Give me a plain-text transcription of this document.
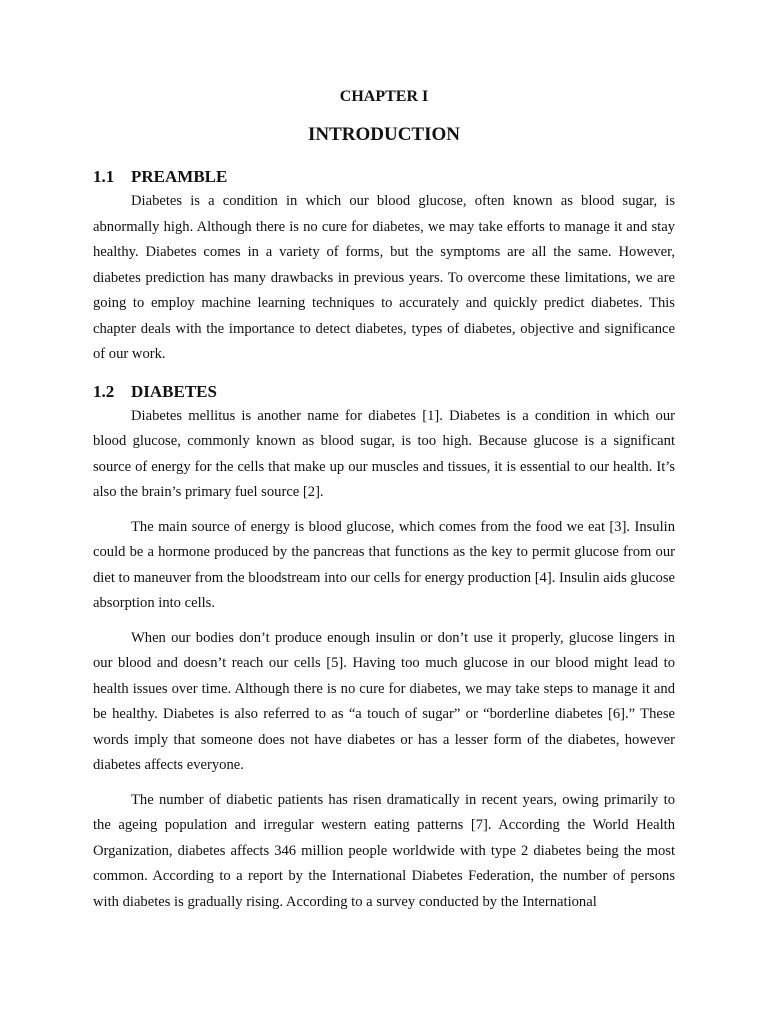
CHAPTER I
INTRODUCTION
1.1 PREAMBLE

Diabetes is a condition in which our blood glucose, often known as blood sugar, is abnormally high. Although there is no cure for diabetes, we may take efforts to manage it and stay healthy. Diabetes comes in a variety of forms, but the symptoms are all the same. However, diabetes prediction has many drawbacks in previous years. To overcome these limitations, we are going to employ machine learning techniques to accurately and quickly predict diabetes. This chapter deals with the importance to detect diabetes, types of diabetes, objective and significance of our work.

1.2 DIABETES

Diabetes mellitus is another name for diabetes [1]. Diabetes is a condition in which our blood glucose, commonly known as blood sugar, is too high. Because glucose is a significant source of energy for the cells that make up our muscles and tissues, it is essential to our health. It’s also the brain’s primary fuel source [2].

The main source of energy is blood glucose, which comes from the food we eat [3]. Insulin could be a hormone produced by the pancreas that functions as the key to permit glucose from our diet to maneuver from the bloodstream into our cells for energy production [4]. Insulin aids glucose absorption into cells.

When our bodies don’t produce enough insulin or don’t use it properly, glucose lingers in our blood and doesn’t reach our cells [5]. Having too much glucose in our blood might lead to health issues over time. Although there is no cure for diabetes, we may take steps to manage it and be healthy. Diabetes is also referred to as “a touch of sugar” or “borderline diabetes [6].” These words imply that someone does not have diabetes or has a lesser form of the diabetes, however diabetes affects everyone.

The number of diabetic patients has risen dramatically in recent years, owing primarily to the ageing population and irregular western eating patterns [7]. According the World Health Organization, diabetes affects 346 million people worldwide with type 2 diabetes being the most common. According to a report by the International Diabetes Federation, the number of persons with diabetes is gradually rising. According to a survey conducted by the International
